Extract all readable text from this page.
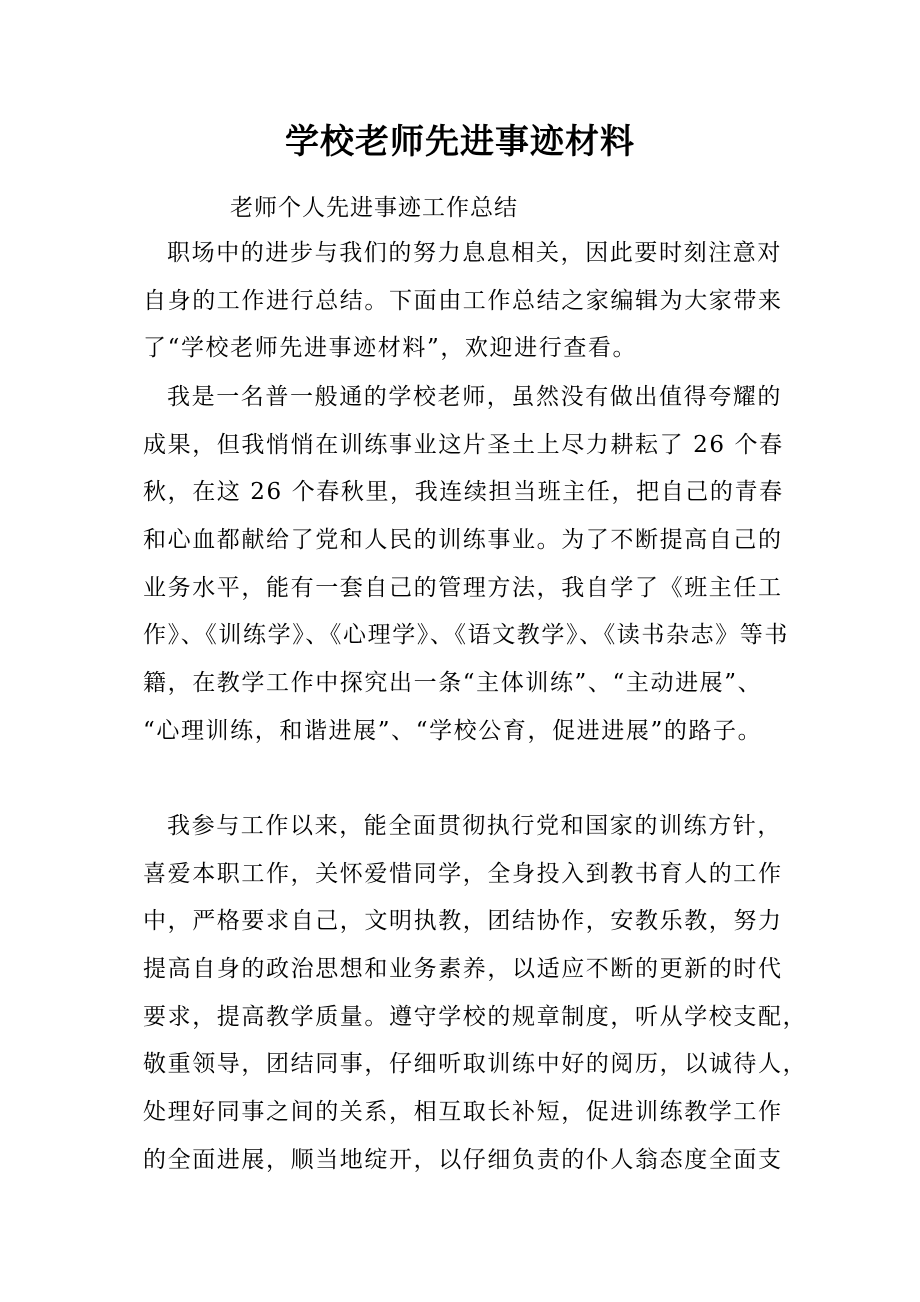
学校老师先进事迹材料
老师个人先进事迹工作总结
职场中的进步与我们的努力息息相关，因此要时刻注意对
自身的工作进行总结。下面由工作总结之家编辑为大家带来
了“学校老师先进事迹材料”，欢迎进行查看。
我是一名普一般通的学校老师，虽然没有做出值得夸耀的
成果，但我悄悄在训练事业这片圣土上尽力耕耘了 26 个春
秋，在这 26 个春秋里，我连续担当班主任，把自己的青春
和心血都献给了党和人民的训练事业。为了不断提高自己的
业务水平，能有一套自己的管理方法，我自学了《班主任工
作》、《训练学》、《心理学》、《语文教学》、《读书杂志》等书
籍，在教学工作中探究出一条“主体训练”、“主动进展”、
“心理训练，和谐进展”、“学校公育，促进进展”的路子。
我参与工作以来，能全面贯彻执行党和国家的训练方针，
喜爱本职工作，关怀爱惜同学，全身投入到教书育人的工作
中，严格要求自己，文明执教，团结协作，安教乐教，努力
提高自身的政治思想和业务素养，以适应不断的更新的时代
要求，提高教学质量。遵守学校的规章制度，听从学校支配，
敬重领导，团结同事，仔细听取训练中好的阅历，以诚待人，
处理好同事之间的关系，相互取长补短，促进训练教学工作
的全面进展，顺当地绽开，以仔细负责的仆人翁态度全面支
